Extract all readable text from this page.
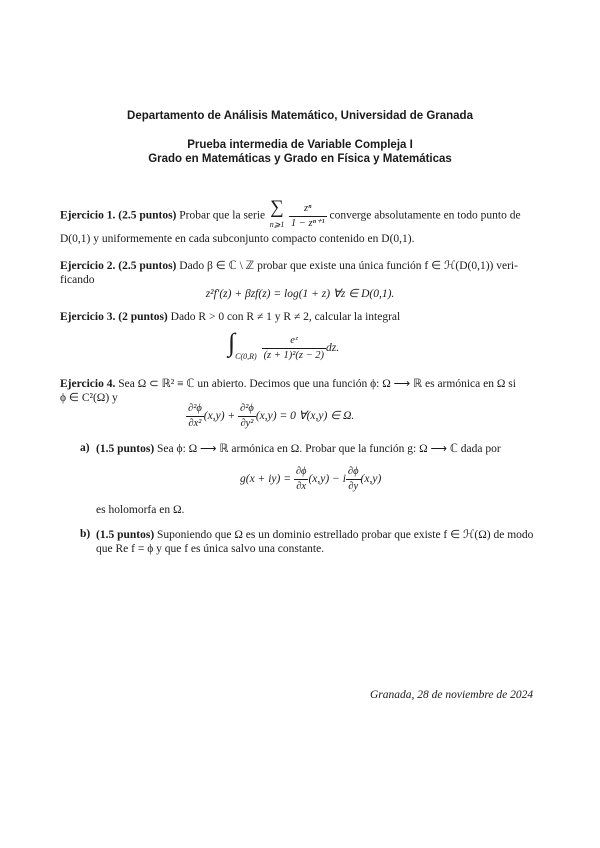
Departamento de Análisis Matemático, Universidad de Granada
Prueba intermedia de Variable Compleja I
Grado en Matemáticas y Grado en Física y Matemáticas
Ejercicio 1. (2.5 puntos) Probar que la serie ∑
n⩾1 $\frac{\text{zⁿ}}{\text{1 − zⁿ⁺¹}}$ converge absolutamente en todo punto de
D(0,1) y uniformemente en cada subconjunto compacto contenido en D(0,1).
Ejercicio 2. (2.5 puntos) Dado β ∈ ℂ \ ℤ probar que existe una única función f ∈ ℋ(D(0,1)) veri-
ficando
z²f′(z) + βzf(z) = log(1 + z) ∀z ∈ D(0,1).
Ejercicio 3. (2 puntos) Dado R > 0 con R ≠ 1 y R ≠ 2, calcular la integral
$\int_{C(0,R)} \frac{\text{eᶻ}}{\text{(z + 1)²(z − 2)}}$ dz.
Ejercicio 4. Sea Ω ⊂ ℝ² ≡ ℂ un abierto. Decimos que una función ϕ: Ω ⟶ ℝ es armónica en Ω si
ϕ ∈ C²(Ω) y
$\frac{\text{∂²ϕ}}{\text{∂x²}} (x,y) + \frac{\text{∂²ϕ}}{\text{∂y²}} (x,y) = 0$ ∀(x,y) ∈ Ω.
a) (1.5 puntos) Sea ϕ: Ω ⟶ ℝ armónica en Ω. Probar que la función g: Ω ⟶ ℂ dada por
$g(x + iy) = \frac{\partial\phi}{\partial x} (x,y) - i \frac{\partial\phi}{\partial y} (x,y)$
es holomorfa en Ω.
b) (1.5 puntos) Suponiendo que Ω es un dominio estrellado probar que existe f ∈ ℋ(Ω) de modo
que Re f = ϕ y que f es única salvo una constante.
Granada, 28 de noviembre de 2024
